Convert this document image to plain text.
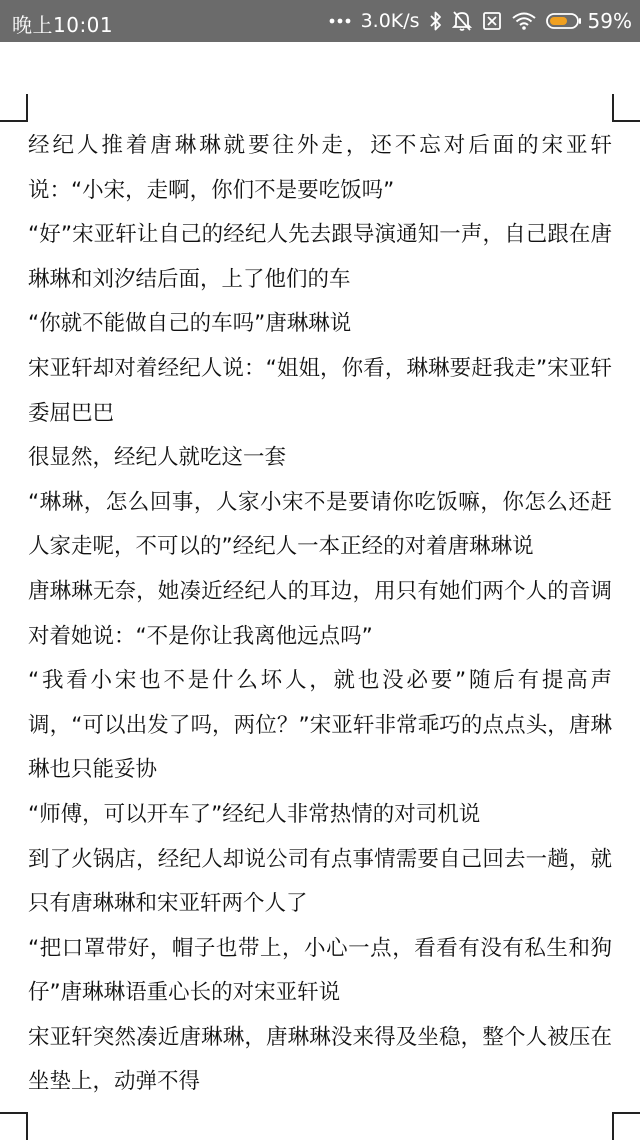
晚上10:01	3.0K/s	59%

经纪人推着唐琳琳就要往外走，还不忘对后面的宋亚轩说：“小宋，走啊，你们不是要吃饭吗”

“好”宋亚轩让自己的经纪人先去跟导演通知一声，自己跟在唐琳琳和刘汐结后面，上了他们的车

“你就不能做自己的车吗”唐琳琳说

宋亚轩却对着经纪人说：“姐姐，你看，琳琳要赶我走”宋亚轩委屈巴巴

很显然，经纪人就吃这一套

“琳琳，怎么回事，人家小宋不是要请你吃饭嘛，你怎么还赶人家走呢，不可以的”经纪人一本正经的对着唐琳琳说

唐琳琳无奈，她凑近经纪人的耳边，用只有她们两个人的音调对着她说：“不是你让我离他远点吗”

“我看小宋也不是什么坏人，就也没必要”随后有提高声调，“可以出发了吗，两位？”宋亚轩非常乖巧的点点头，唐琳琳也只能妥协

“师傅，可以开车了”经纪人非常热情的对司机说

到了火锅店，经纪人却说公司有点事情需要自己回去一趟，就只有唐琳琳和宋亚轩两个人了

“把口罩带好，帽子也带上，小心一点，看看有没有私生和狗仔”唐琳琳语重心长的对宋亚轩说

宋亚轩突然凑近唐琳琳，唐琳琳没来得及坐稳，整个人被压在坐垫上，动弹不得
